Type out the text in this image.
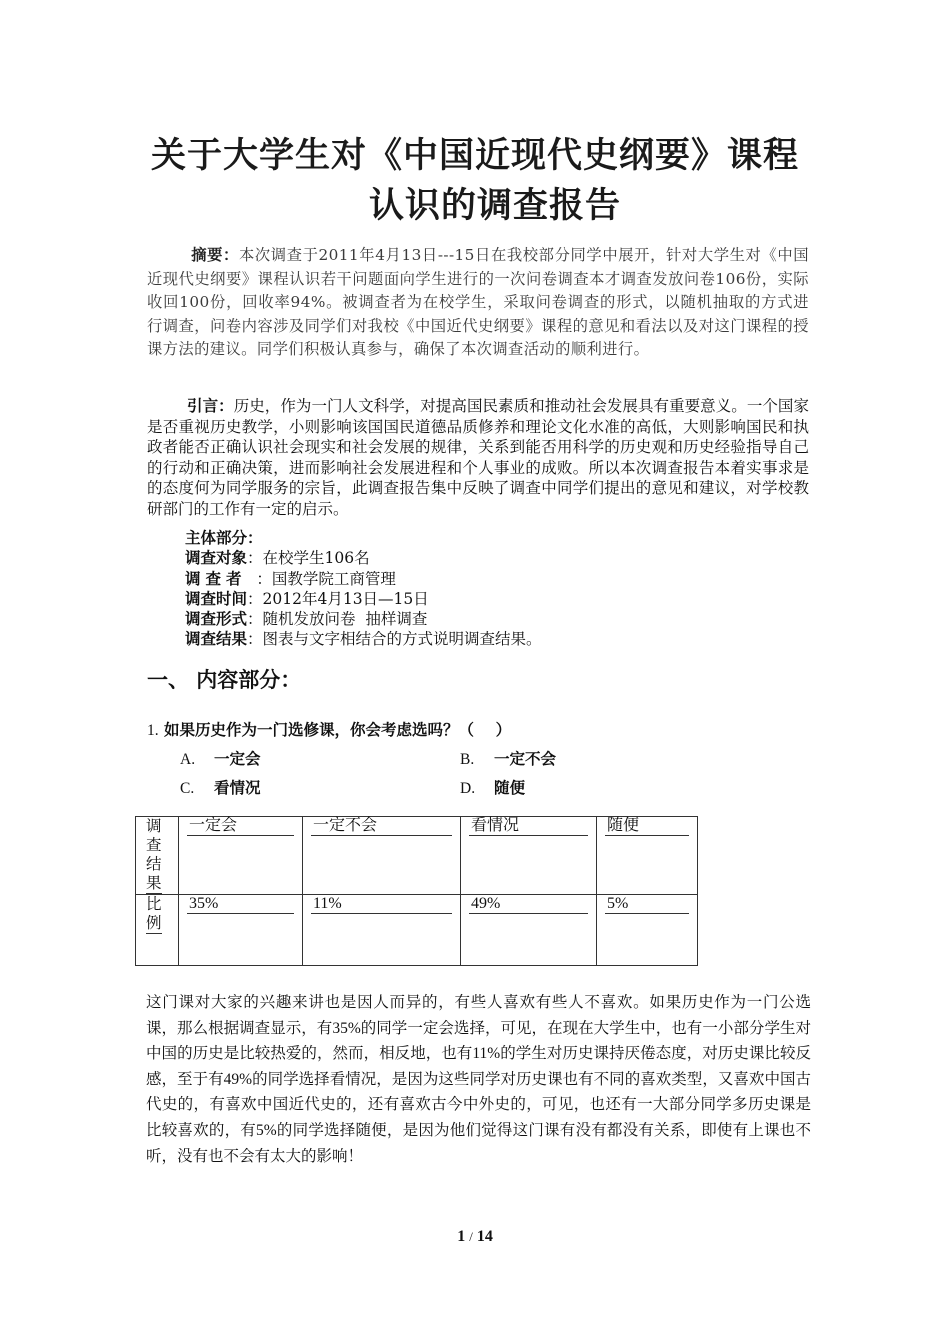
关于大学生对《中国近现代史纲要》课程
认识的调查报告
摘要：本次调查于2011年4月13日---15日在我校部分同学中展开，针对大学生对《中国近现代史纲要》课程认识若干问题面向学生进行的一次问卷调查本才调查发放问卷106份，实际收回100份，回收率94%。被调查者为在校学生，采取问卷调查的形式，以随机抽取的方式进行调查，问卷内容涉及同学们对我校《中国近代史纲要》课程的意见和看法以及对这门课程的授课方法的建议。同学们积极认真参与，确保了本次调查活动的顺利进行。
引言：历史，作为一门人文科学，对提高国民素质和推动社会发展具有重要意义。一个国家是否重视历史教学，小则影响该国国民道德品质修养和理论文化水准的高低，大则影响国民和执政者能否正确认识社会现实和社会发展的规律，关系到能否用科学的历史观和历史经验指导自己的行动和正确决策，进而影响社会发展进程和个人事业的成败。所以本次调查报告本着实事求是的态度何为同学服务的宗旨，此调查报告集中反映了调查中同学们提出的意见和建议，对学校教研部门的工作有一定的启示。
主体部分：
调查对象：在校学生106名
调查者  ：国教学院工商管理
调查时间：2012年4月13日—15日
调查形式：随机发放问卷  抽样调查
调查结果：图表与文字相结合的方式说明调查结果。
一、 内容部分：
1. 如果历史作为一门选修课，你会考虑选吗？（    ）
A. 一定会	B. 一定不会
C. 看情况	D. 随便
调查结果	一定会	一定不会	看情况	随便

比例	35%	11%	49%	5%
这门课对大家的兴趣来讲也是因人而异的，有些人喜欢有些人不喜欢。如果历史作为一门公选课，那么根据调查显示，有35%的同学一定会选择，可见，在现在大学生中，也有一小部分学生对中国的历史是比较热爱的，然而，相反地，也有11%的学生对历史课持厌倦态度，对历史课比较反感，至于有49%的同学选择看情况，是因为这些同学对历史课也有不同的喜欢类型，又喜欢中国古代史的，有喜欢中国近代史的，还有喜欢古今中外史的，可见，也还有一大部分同学多历史课是比较喜欢的，有5%的同学选择随便，是因为他们觉得这门课有没有都没有关系，即使有上课也不听，没有也不会有太大的影响！
1 / 14
